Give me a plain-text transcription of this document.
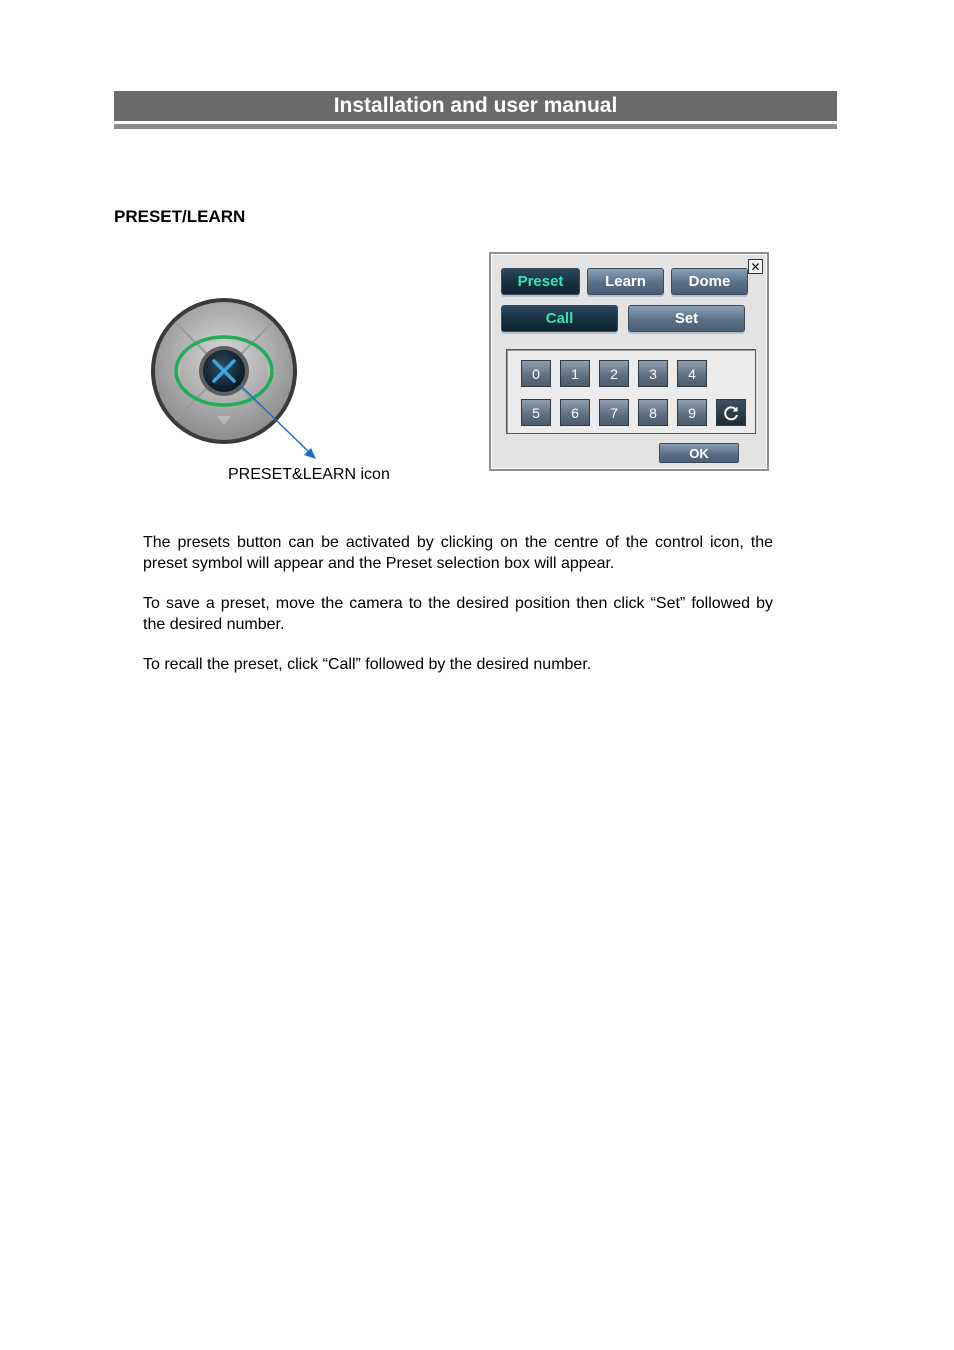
Installation and user manual
PRESET/LEARN
PRESET&LEARN icon
✕
Preset	Learn	Dome
Call	Set
0	1	2	3	4
5	6	7	8	9
OK
The presets button can be activated by clicking on the centre of the control icon, the preset symbol will appear and the Preset selection box will appear.
To save a preset, move the camera to the desired position then click “Set” followed by the desired number.
To recall the preset, click “Call” followed by the desired number.
